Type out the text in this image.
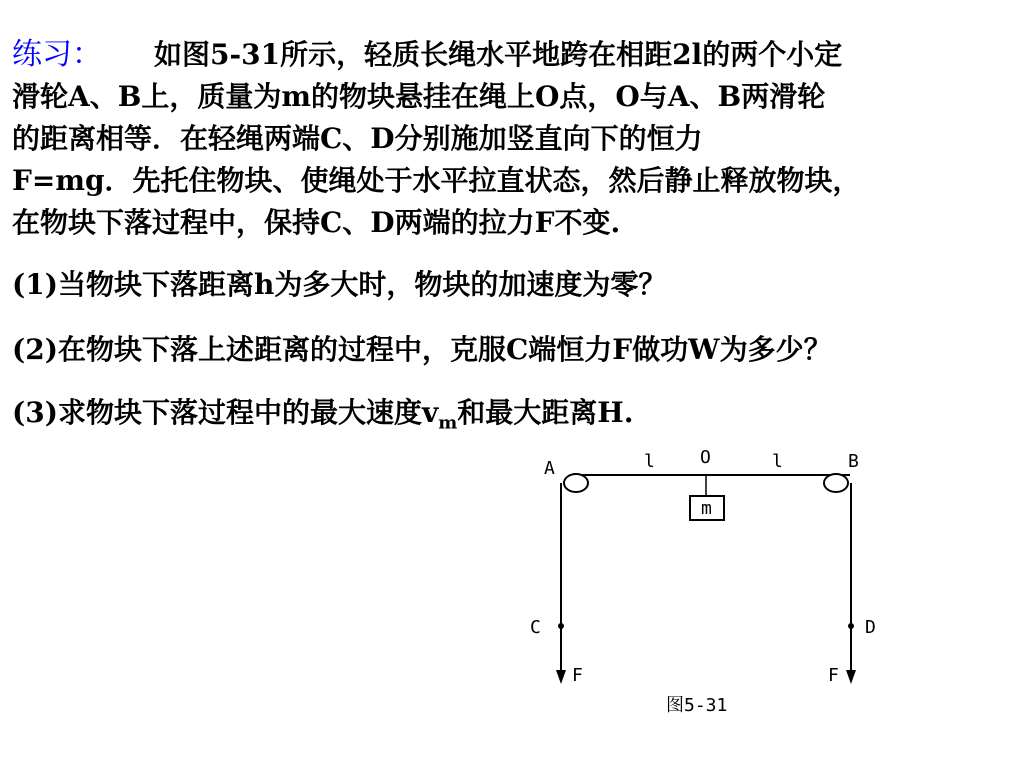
练习： 如图5-31所示，轻质长绳水平地跨在相距2l的两个小定
滑轮A、B上，质量为m的物块悬挂在绳上O点，O与A、B两滑轮
的距离相等．在轻绳两端C、D分别施加竖直向下的恒力
F=mg．先托住物块、使绳处于水平拉直状态，然后静止释放物块，
在物块下落过程中，保持C、D两端的拉力F不变.
(1)当物块下落距离h为多大时，物块的加速度为零？
(2)在物块下落上述距离的过程中，克服C端恒力F做功W为多少？
(3)求物块下落过程中的最大速度$v_m$和最大距离H.
A	B
O
l	l
m
C	D
F	F
图5-31
